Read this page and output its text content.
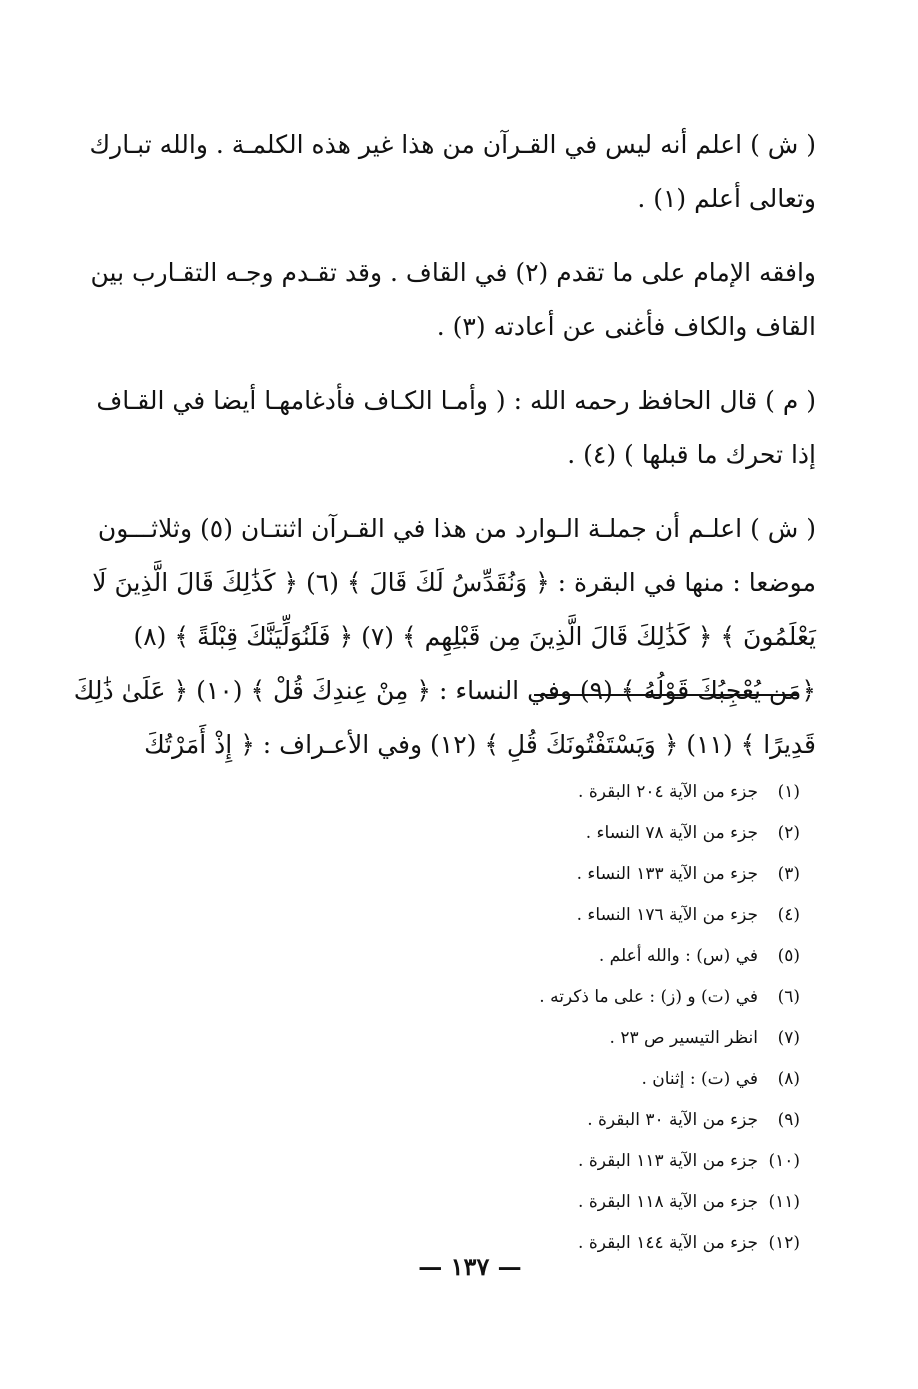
( ش ) اعلم أنه ليس في القـرآن من هذا غير هذه الكلمـة . والله تبـارك
وتعالى أعلم (١) .

وافقه الإمام على ما تقدم (٢) في القاف . وقد تقـدم وجـه التقـارب بين
القاف والكاف فأغنى عن أعادته (٣) .

( م ) قال الحافظ رحمه الله : ( وأمـا الكـاف فأدغامهـا أيضا في القـاف
إذا تحرك ما قبلها ) (٤) .

( ش ) اعلـم أن جملـة الـوارد من هذا في القـرآن اثنتـان (٥) وثلاثـــون
موضعا : منها في البقرة : ﴿ وَنُقَدِّسُ لَكَ قَالَ ﴾ (٦) ﴿ كَذَٰلِكَ قَالَ الَّذِينَ لَا
يَعْلَمُونَ ﴾ ﴿ كَذَٰلِكَ قَالَ الَّذِينَ مِن قَبْلِهِم ﴾ (٧) ﴿ فَلَنُوَلِّيَنَّكَ قِبْلَةً ﴾ (٨)
﴿مَن يُعْجِبُكَ قَوْلُهُ ﴾ (٩) وفي النساء : ﴿ مِنْ عِندِكَ قُلْ ﴾ (١٠) ﴿ عَلَىٰ ذَٰلِكَ
قَدِيرًا ﴾ (١١) ﴿ وَيَسْتَفْتُونَكَ قُلِ ﴾ (١٢) وفي الأعـراف : ﴿ إِذْ أَمَرْتُكَ

(١)
جزء من الآية ٢٠٤ البقرة .
(٢)
جزء من الآية ٧٨ النساء .
(٣)
جزء من الآية ١٣٣ النساء .
(٤)
جزء من الآية ١٧٦ النساء .
(٥)
في (س) : والله أعلم .
(٦)
في (ت) و (ز) : على ما ذكرته .
(٧)
انظر التيسير ص ٢٣ .
(٨)
في (ت) : إثنان .
(٩)
جزء من الآية ٣٠ البقرة .
(١٠)
جزء من الآية ١١٣ البقرة .
(١١)
جزء من الآية ١١٨ البقرة .
(١٢)
جزء من الآية ١٤٤ البقرة .
— ١٣٧ —
